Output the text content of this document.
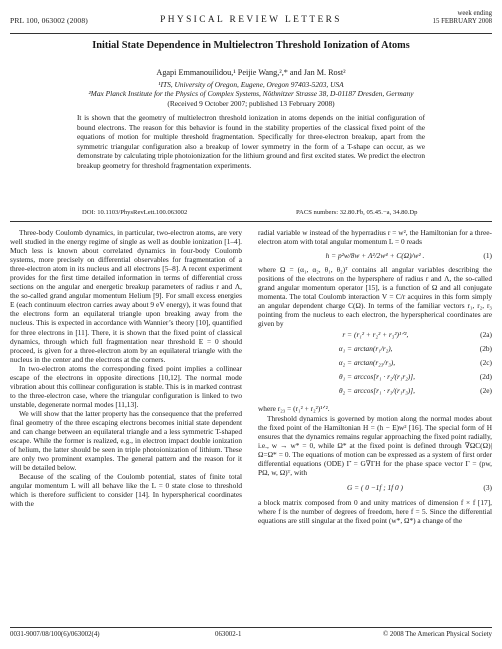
PRL 100, 063002 (2008)	PHYSICAL REVIEW LETTERS
week ending
15 FEBRUARY 2008
Initial State Dependence in Multielectron Threshold Ionization of Atoms
Agapi Emmanouilidou,¹ Peijie Wang,²,* and Jan M. Rost²
¹ITS, University of Oregon, Eugene, Oregon 97403-5203, USA
²Max Planck Institute for the Physics of Complex Systems, Nöthnitzer Strasse 38, D-01187 Dresden, Germany
(Received 9 October 2007; published 13 February 2008)
It is shown that the geometry of multielectron threshold ionization in atoms depends on the initial configuration of bound electrons. The reason for this behavior is found in the stability properties of the classical fixed point of the equations of motion for multiple threshold fragmentation. Specifically for three-electron breakup, apart from the symmetric triangular configuration also a breakup of lower symmetry in the form of a T-shape can occur, as we demonstrate by calculating triple photoionization for the lithium ground and first excited states. We predict the electron breakup geometry for threshold fragmentation experiments.
DOI: 10.1103/PhysRevLett.100.063002	PACS numbers: 32.80.Fb, 05.45.−a, 34.80.Dp

Three-body Coulomb dynamics, in particular, two-electron atoms, are very well studied in the energy regime of single as well as double ionization [1–4]. Much less is known about correlated dynamics in four-body Coulomb systems, more precisely on differential observables for fragmentation of a three-electron atom in its nucleus and all electrons [5–8]. A recent experiment provides for the first time detailed information in terms of differential cross sections on the angular and energetic breakup parameters of radius r and Λ, the so-called grand angular momentum Helium [9]. For small excess energies E (each continuum electron carries away about 9 eV energy), it was found that the electrons form an equilateral triangle upon breaking away from the nucleus. This is expected in accordance with Wannier’s theory [10], quantified for three electrons in [11]. There, it is shown that the fixed point of classical dynamics, through which full fragmentation near threshold E = 0 should proceed, is given for a three-electron atom by an equilateral triangle with the nucleus in the center and the electrons at the corners.

In two-electron atoms the corresponding fixed point implies a collinear escape of the electrons in opposite directions [10,12]. The normal mode vibration about this collinear configuration is stable. This is in marked contrast to the three-electron case, where the triangular configuration is linked to two unstable, degenerate normal modes [11,13].

We will show that the latter property has the consequence that the preferred final geometry of the three escaping electrons becomes initial state dependent and can change between an equilateral triangle and a less symmetric T-shaped escape. While the former is realized, e.g., in electron impact double ionization of helium, the latter should be seen in triple photoionization of lithium. These are only two prominent examples. The general pattern and the reason for it will be detailed below.

Because of the scaling of the Coulomb potential, states of finite total angular momentum L will all behave like the L = 0 state close to threshold which is therefore sufficient to consider [14]. In hyperspherical coordinates with the

radial variable w instead of the hyperradius r = w², the Hamiltonian for a three-electron atom with total angular momentum L = 0 reads

h = p²w/8w + Λ²/2w⁴ + C(Ω)/w² .	(1)

where Ω = (α₁, α₂, θ₁, θ₂)ᵀ contains all angular variables describing the positions of the electrons on the hypersphere of radius r and Λ, the so-called grand angular momentum operator [15], is a function of Ω and all conjugate momenta. The total Coulomb interaction V = C/r acquires in this form simply an angular dependent charge C(Ω). In terms of the familiar vectors r₁, r₂, r₃ pointing from the nucleus to each electron, the hyperspherical coordinates are given by

r = (r₁² + r₂² + r₃²)¹ᐟ²,	(2a)
α₁ = arctan(r₁/r₂),	(2b)
α₂ = arctan(r₂₃/r₃),	(2c)
θ₁ = arccos[r₁ · r₂/(r₁r₂)],	(2d)
θ₂ = arccos[r₁ · r₃/(r₁r₃)],	(2e)

where r₂₃ = (r₁² + r₂²)¹ᐟ².

Threshold dynamics is governed by motion along the normal modes about the fixed point of the Hamiltonian H = (h − E)w² [16]. The special form of H ensures that the dynamics remains regular approaching the fixed point radially, i.e., w → w* = 0, while Ω* at the fixed point is defined through ∇ΩC(Ω)|Ω=Ω* = 0. The equations of motion can be expressed as a system of first order differential equations (ODE) Γ̇ = G∇ΓH for the phase space vector Γ = (pw, PΩ, w, Ω)ᵀ, with

G = ( 0 −1f ; 1f 0 )	(3)

a block matrix composed from 0 and unity matrices of dimension f × f [17], where f is the number of degrees of freedom, here f = 5. Since the differential equations are still singular at the fixed point (w*, Ω*) a change of the

0031-9007/08/100(6)/063002(4)	063002-1	© 2008 The American Physical Society
